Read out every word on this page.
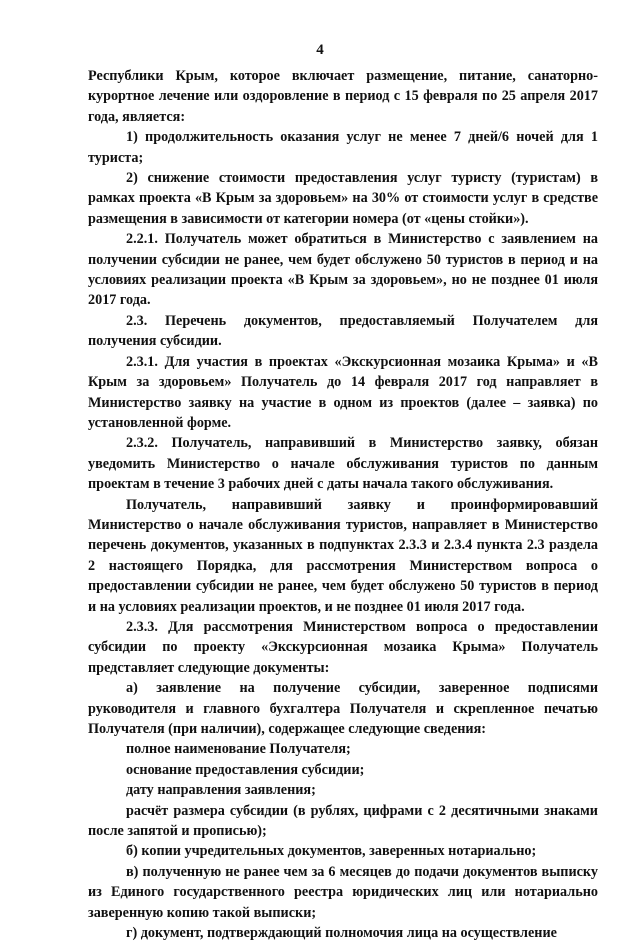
4

Республики Крым, которое включает размещение, питание, санаторно-курортное лечение или оздоровление в период с 15 февраля по 25 апреля 2017 года, является:

1) продолжительность оказания услуг не менее 7 дней/6 ночей для 1 туриста;

2) снижение стоимости предоставления услуг туристу (туристам) в рамках проекта «В Крым за здоровьем» на 30% от стоимости услуг в средстве размещения в зависимости от категории номера (от «цены стойки»).

2.2.1. Получатель может обратиться в Министерство с заявлением на получении субсидии не ранее, чем будет обслужено 50 туристов в период и на условиях реализации проекта «В Крым за здоровьем», но не позднее 01 июля 2017 года.

2.3. Перечень документов, предоставляемый Получателем для получения субсидии.

2.3.1. Для участия в проектах «Экскурсионная мозаика Крыма» и «В Крым за здоровьем» Получатель до 14 февраля 2017 год направляет в Министерство заявку на участие в одном из проектов (далее – заявка) по установленной форме.

2.3.2. Получатель, направивший в Министерство заявку, обязан уведомить Министерство о начале обслуживания туристов по данным проектам в течение 3 рабочих дней с даты начала такого обслуживания.

Получатель, направивший заявку и проинформировавший Министерство о начале обслуживания туристов, направляет в Министерство перечень документов, указанных в подпунктах 2.3.3 и 2.3.4 пункта 2.3 раздела 2 настоящего Порядка, для рассмотрения Министерством вопроса о предоставлении субсидии не ранее, чем будет обслужено 50 туристов в период и на условиях реализации проектов, и не позднее 01 июля 2017 года.

2.3.3. Для рассмотрения Министерством вопроса о предоставлении субсидии по проекту «Экскурсионная мозаика Крыма» Получатель представляет следующие документы:

а) заявление на получение субсидии, заверенное подписями руководителя и главного бухгалтера Получателя и скрепленное печатью Получателя (при наличии), содержащее следующие сведения:

полное наименование Получателя;

основание предоставления субсидии;

дату направления заявления;

расчёт размера субсидии (в рублях, цифрами с 2 десятичными знаками после запятой и прописью);

б) копии учредительных документов, заверенных нотариально;

в) полученную не ранее чем за 6 месяцев до подачи документов выписку из Единого государственного реестра юридических лиц или нотариально заверенную копию такой выписки;

г) документ, подтверждающий полномочия лица на осуществление
